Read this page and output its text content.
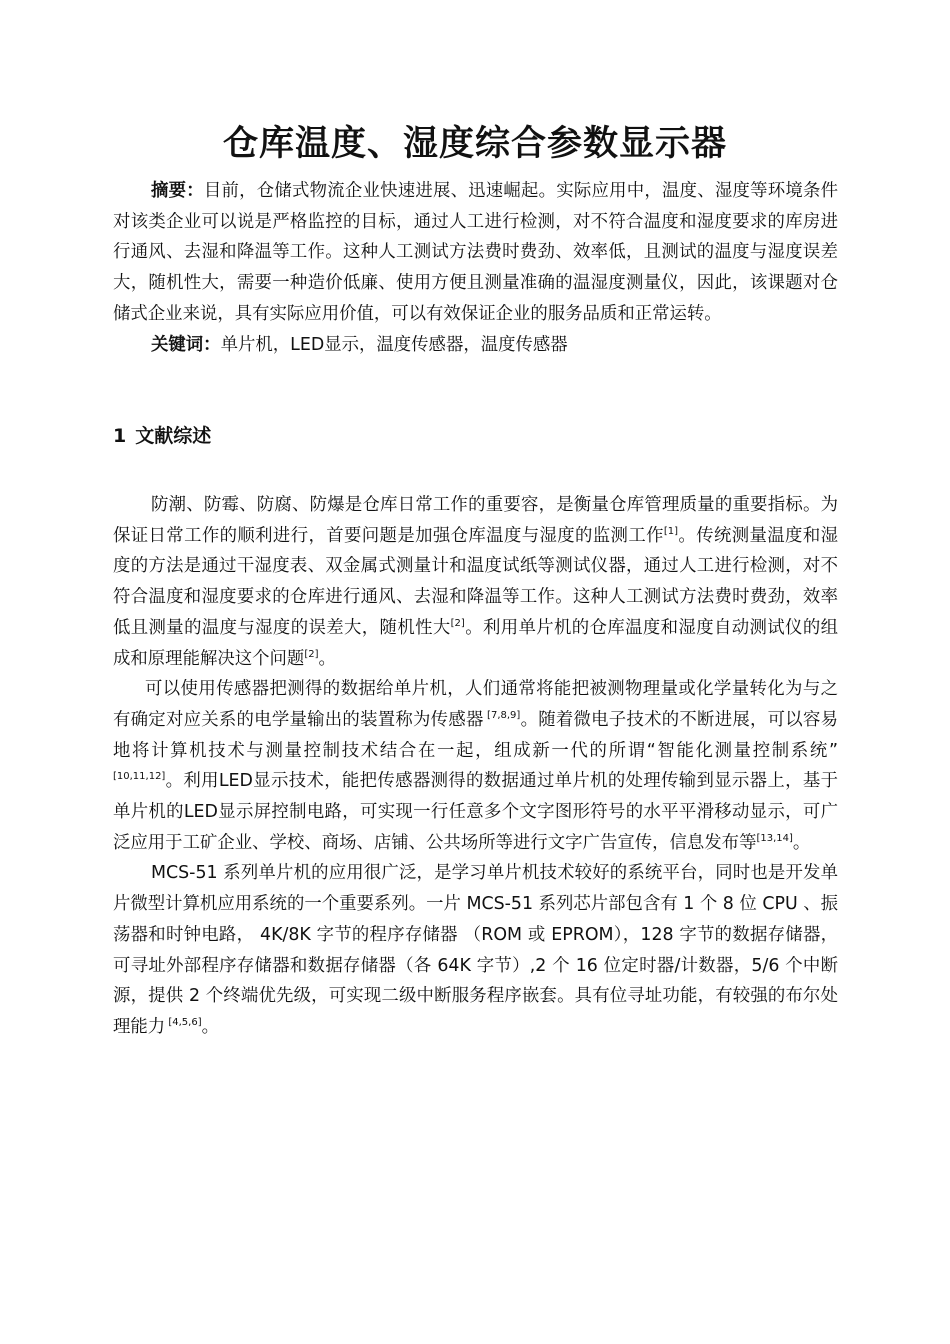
仓库温度、湿度综合参数显示器

摘要：目前，仓储式物流企业快速进展、迅速崛起。实际应用中，温度、湿度等环境条件对该类企业可以说是严格监控的目标，通过人工进行检测，对不符合温度和湿度要求的库房进行通风、去湿和降温等工作。这种人工测试方法费时费劲、效率低，且测试的温度与湿度误差大，随机性大，需要一种造价低廉、使用方便且测量准确的温湿度测量仪，因此，该课题对仓储式企业来说，具有实际应用价值，可以有效保证企业的服务品质和正常运转。

关键词：单片机，LED显示，温度传感器，温度传感器

1 文献综述

防潮、防霉、防腐、防爆是仓库日常工作的重要容，是衡量仓库管理质量的重要指标。为保证日常工作的顺利进行，首要问题是加强仓库温度与湿度的监测工作[1]。传统测量温度和湿度的方法是通过干湿度表、双金属式测量计和温度试纸等测试仪器，通过人工进行检测，对不符合温度和湿度要求的仓库进行通风、去湿和降温等工作。这种人工测试方法费时费劲，效率低且测量的温度与湿度的误差大，随机性大[2]。利用单片机的仓库温度和湿度自动测试仪的组成和原理能解决这个问题[2]。

可以使用传感器把测得的数据给单片机，人们通常将能把被测物理量或化学量转化为与之有确定对应关系的电学量输出的装置称为传感器 [7,8,9]。随着微电子技术的不断进展，可以容易地将计算机技术与测量控制技术结合在一起，组成新一代的所谓“智能化测量控制系统” [10,11,12]。利用LED显示技术，能把传感器测得的数据通过单片机的处理传输到显示器上，基于单片机的LED显示屏控制电路，可实现一行任意多个文字图形符号的水平平滑移动显示，可广泛应用于工矿企业、学校、商场、店铺、公共场所等进行文字广告宣传，信息发布等[13,14]。

MCS-51 系列单片机的应用很广泛，是学习单片机技术较好的系统平台，同时也是开发单片微型计算机应用系统的一个重要系列。一片 MCS-51 系列芯片部包含有 1 个 8 位 CPU 、振荡器和时钟电路， 4K/8K 字节的程序存储器 （ROM 或 EPROM），128 字节的数据存储器，可寻址外部程序存储器和数据存储器（各 64K 字节）,2 个 16 位定时器/计数器，5/6 个中断源，提供 2 个终端优先级，可实现二级中断服务程序嵌套。具有位寻址功能，有较强的布尔处理能力 [4,5,6]。
